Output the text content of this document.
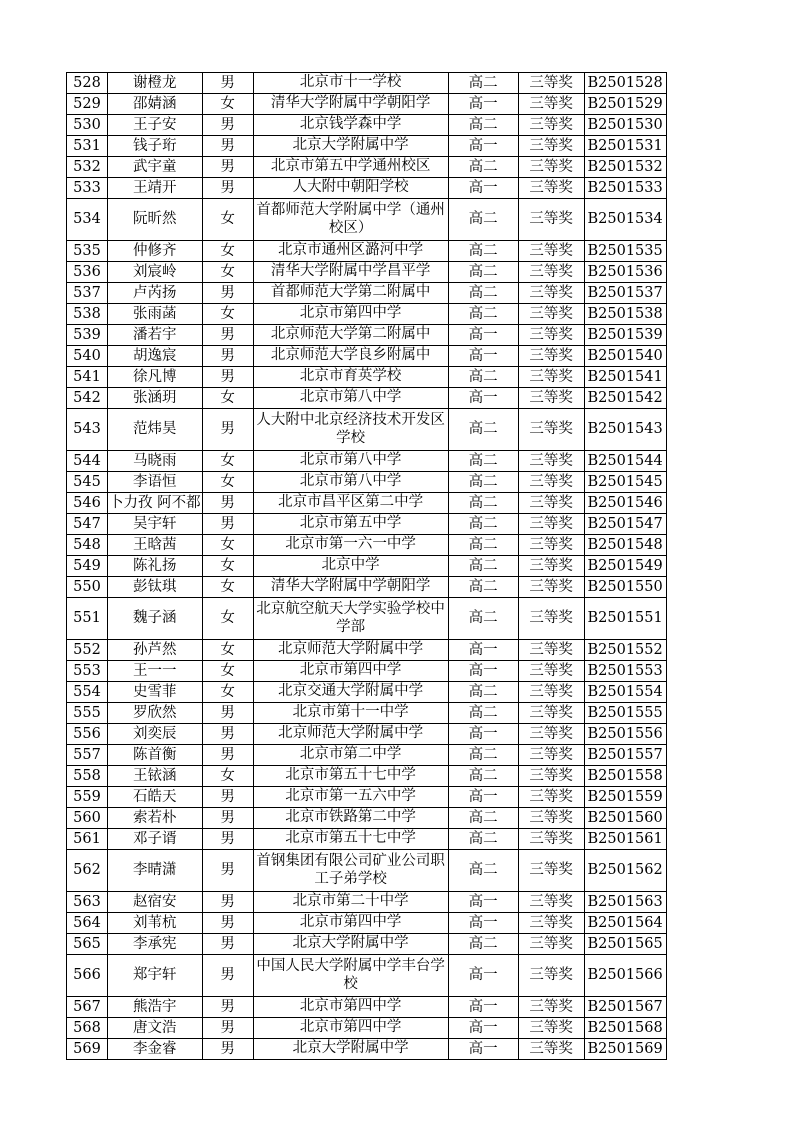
528	谢橙龙	男	北京市十一学校	高二	三等奖	B2501528
529	邵婧涵	女	清华大学附属中学朝阳学	高一	三等奖	B2501529
530	王子安	男	北京钱学森中学	高二	三等奖	B2501530
531	钱子珩	男	北京大学附属中学	高一	三等奖	B2501531
532	武宇童	男	北京市第五中学通州校区	高二	三等奖	B2501532
533	王靖开	男	人大附中朝阳学校	高一	三等奖	B2501533
534	阮昕然	女	首都师范大学附属中学（通州校区）	高二	三等奖	B2501534
535	仲修齐	女	北京市通州区潞河中学	高二	三等奖	B2501535
536	刘宸岭	女	清华大学附属中学昌平学	高二	三等奖	B2501536
537	卢芮扬	男	首都师范大学第二附属中	高二	三等奖	B2501537
538	张雨菡	女	北京市第四中学	高二	三等奖	B2501538
539	潘若宇	男	北京师范大学第二附属中	高一	三等奖	B2501539
540	胡逸宸	男	北京师范大学良乡附属中	高一	三等奖	B2501540
541	徐凡博	男	北京市育英学校	高二	三等奖	B2501541
542	张涵玥	女	北京市第八中学	高一	三等奖	B2501542
543	范炜昊	男	人大附中北京经济技术开发区学校	高二	三等奖	B2501543
544	马晓雨	女	北京市第八中学	高二	三等奖	B2501544
545	李语恒	女	北京市第八中学	高二	三等奖	B2501545
546	卜力孜 阿不都	男	北京市昌平区第二中学	高二	三等奖	B2501546
547	吴宇轩	男	北京市第五中学	高二	三等奖	B2501547
548	王晗茜	女	北京市第一六一中学	高二	三等奖	B2501548
549	陈礼扬	女	北京中学	高二	三等奖	B2501549
550	彭钛琪	女	清华大学附属中学朝阳学	高二	三等奖	B2501550
551	魏子涵	女	北京航空航天大学实验学校中学部	高二	三等奖	B2501551
552	孙芦然	女	北京师范大学附属中学	高一	三等奖	B2501552
553	王一一	女	北京市第四中学	高一	三等奖	B2501553
554	史雪菲	女	北京交通大学附属中学	高二	三等奖	B2501554
555	罗欣然	男	北京市第十一中学	高二	三等奖	B2501555
556	刘奕辰	男	北京师范大学附属中学	高一	三等奖	B2501556
557	陈首衡	男	北京市第二中学	高二	三等奖	B2501557
558	王铱涵	女	北京市第五十七中学	高二	三等奖	B2501558
559	石皓天	男	北京市第一五六中学	高一	三等奖	B2501559
560	索若朴	男	北京市铁路第二中学	高二	三等奖	B2501560
561	邓子谞	男	北京市第五十七中学	高二	三等奖	B2501561
562	李晴潇	男	首钢集团有限公司矿业公司职工子弟学校	高二	三等奖	B2501562
563	赵宿安	男	北京市第二十中学	高一	三等奖	B2501563
564	刘苇杭	男	北京市第四中学	高一	三等奖	B2501564
565	李承宪	男	北京大学附属中学	高二	三等奖	B2501565
566	郑宇轩	男	中国人民大学附属中学丰台学校	高一	三等奖	B2501566
567	熊浩宇	男	北京市第四中学	高一	三等奖	B2501567
568	唐文浩	男	北京市第四中学	高一	三等奖	B2501568
569	李金睿	男	北京大学附属中学	高一	三等奖	B2501569
